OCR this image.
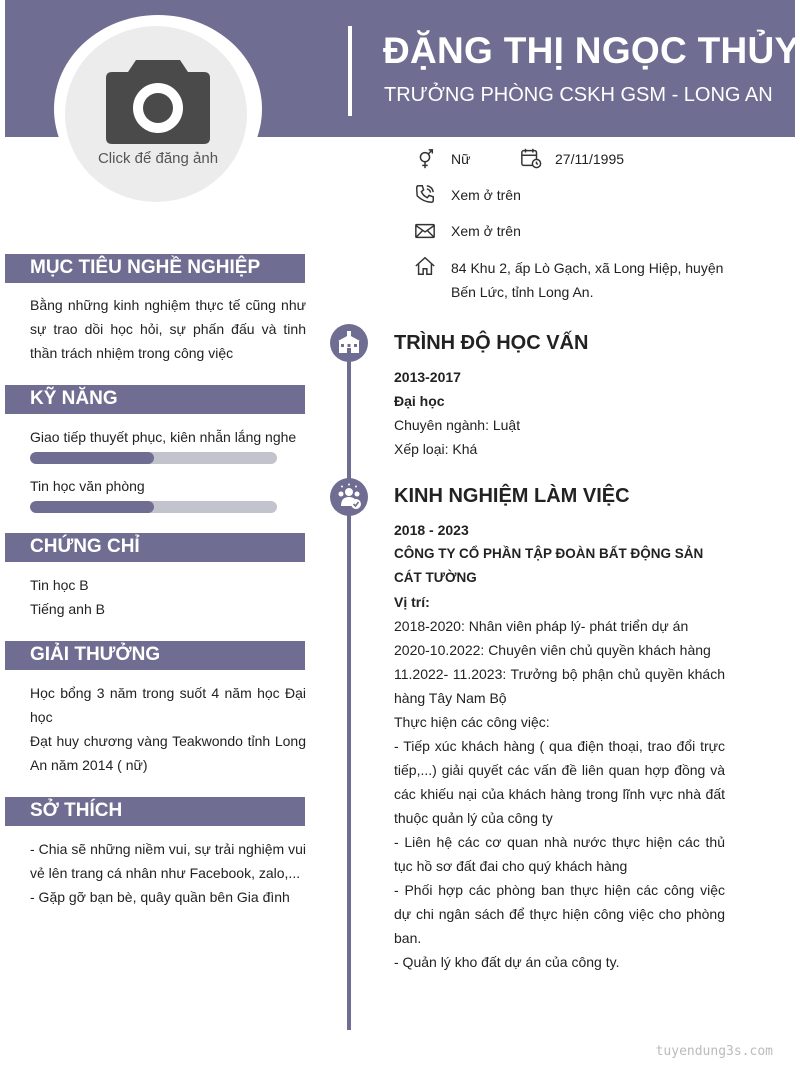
Click để đăng ảnh
ĐẶNG THỊ NGỌC THỦY
TRƯỞNG PHÒNG CSKH GSM - LONG AN
Nữ	27/11/1995
Xem ở trên
Xem ở trên
84 Khu 2, ấp Lò Gạch, xã Long Hiệp, huyện Bến Lức, tỉnh Long An.
MỤC TIÊU NGHỀ NGHIỆP
Bằng những kinh nghiệm thực tế cũng như sự trao dồi học hỏi, sự phấn đấu và tinh thần trách nhiệm trong công việc
KỸ NĂNG
Giao tiếp thuyết phục, kiên nhẫn lắng nghe
Tin học văn phòng
CHỨNG CHỈ
Tin học B
Tiếng anh B
GIẢI THƯỞNG
Học bổng 3 năm trong suốt 4 năm học Đại học
Đạt huy chương vàng Teakwondo tỉnh Long An năm 2014 ( nữ)
SỞ THÍCH
- Chia sẽ những niềm vui, sự trải nghiệm vui vẻ lên trang cá nhân như Facebook, zalo,...
- Gặp gỡ bạn bè, quây quần bên Gia đình
TRÌNH ĐỘ HỌC VẤN
2013-2017
Đại học
Chuyên ngành: Luật
Xếp loại: Khá
KINH NGHIỆM LÀM VIỆC
2018 - 2023
CÔNG TY CỔ PHẦN TẬP ĐOÀN BẤT ĐỘNG SẢN CÁT TƯỜNG
Vị trí:
2018-2020: Nhân viên pháp lý- phát triển dự án
2020-10.2022: Chuyên viên chủ quyền khách hàng
11.2022- 11.2023: Trưởng bộ phận chủ quyền khách hàng Tây Nam Bộ
Thực hiện các công việc:
- Tiếp xúc khách hàng ( qua điện thoại, trao đổi trực tiếp,...) giải quyết các vấn đề liên quan hợp đồng và các khiếu nại của khách hàng trong lĩnh vực nhà đất thuộc quản lý của công ty
- Liên hệ các cơ quan nhà nước thực hiện các thủ tục hồ sơ đất đai cho quý khách hàng
- Phối hợp các phòng ban thực hiện các công việc dự chi ngân sách để thực hiện công việc cho phòng ban.
- Quản lý kho đất dự án của công ty.
tuyendung3s.com
